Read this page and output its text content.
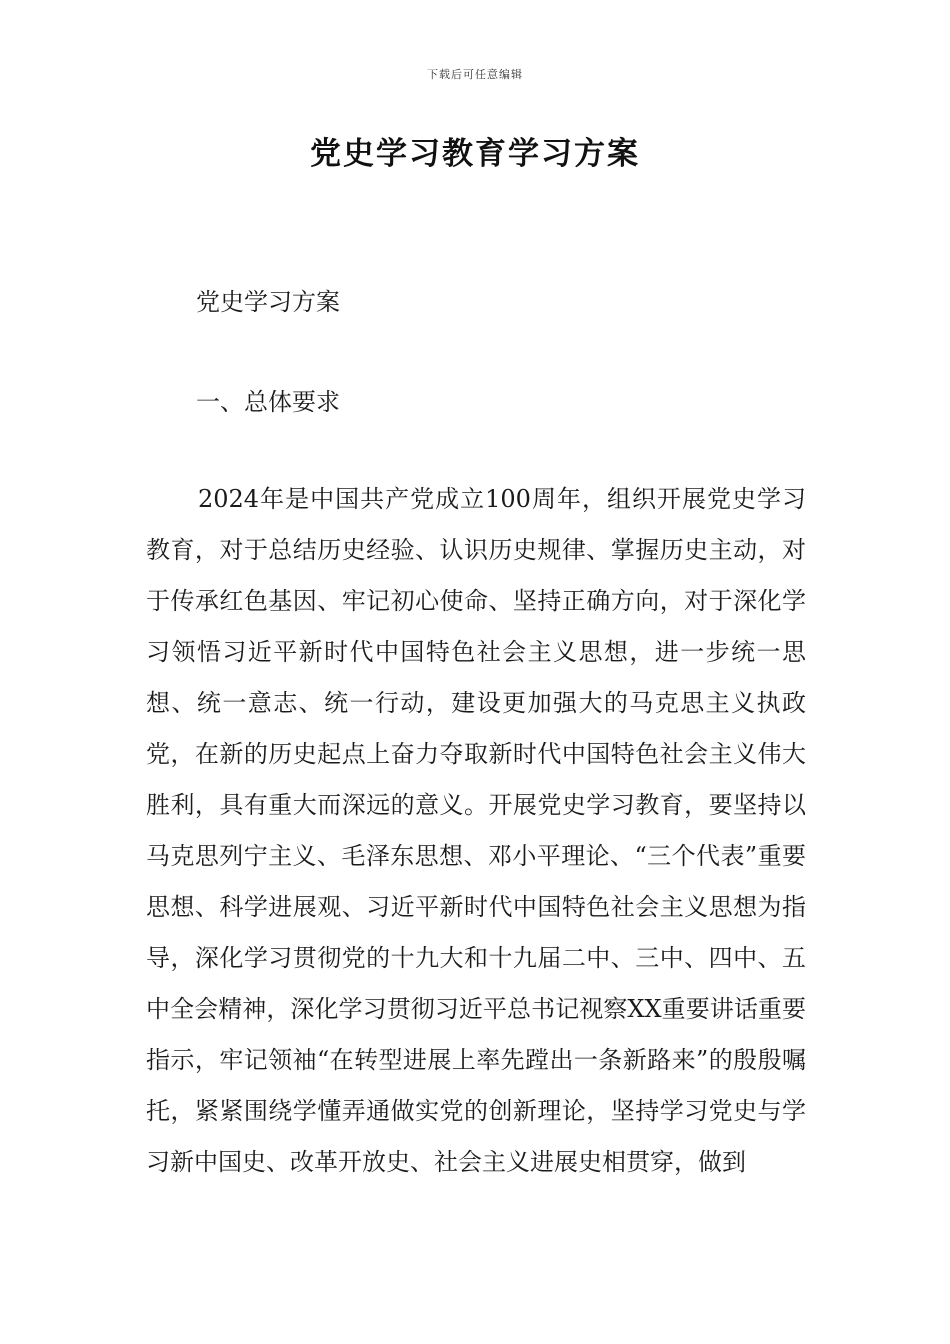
下载后可任意编辑
党史学习教育学习方案
党史学习方案
一、总体要求

2024年是中国共产党成立100周年，组织开展党史学习教育，对于总结历史经验、认识历史规律、掌握历史主动，对于传承红色基因、牢记初心使命、坚持正确方向，对于深化学习领悟习近平新时代中国特色社会主义思想，进一步统一思想、统一意志、统一行动，建设更加强大的马克思主义执政党，在新的历史起点上奋力夺取新时代中国特色社会主义伟大胜利，具有重大而深远的意义。开展党史学习教育，要坚持以马克思列宁主义、毛泽东思想、邓小平理论、“三个代表”重要思想、科学进展观、习近平新时代中国特色社会主义思想为指导，深化学习贯彻党的十九大和十九届二中、三中、四中、五中全会精神，深化学习贯彻习近平总书记视察XX重要讲话重要指示，牢记领袖“在转型进展上率先蹚出一条新路来”的殷殷嘱托，紧紧围绕学懂弄通做实党的创新理论，坚持学习党史与学习新中国史、改革开放史、社会主义进展史相贯穿，做到
